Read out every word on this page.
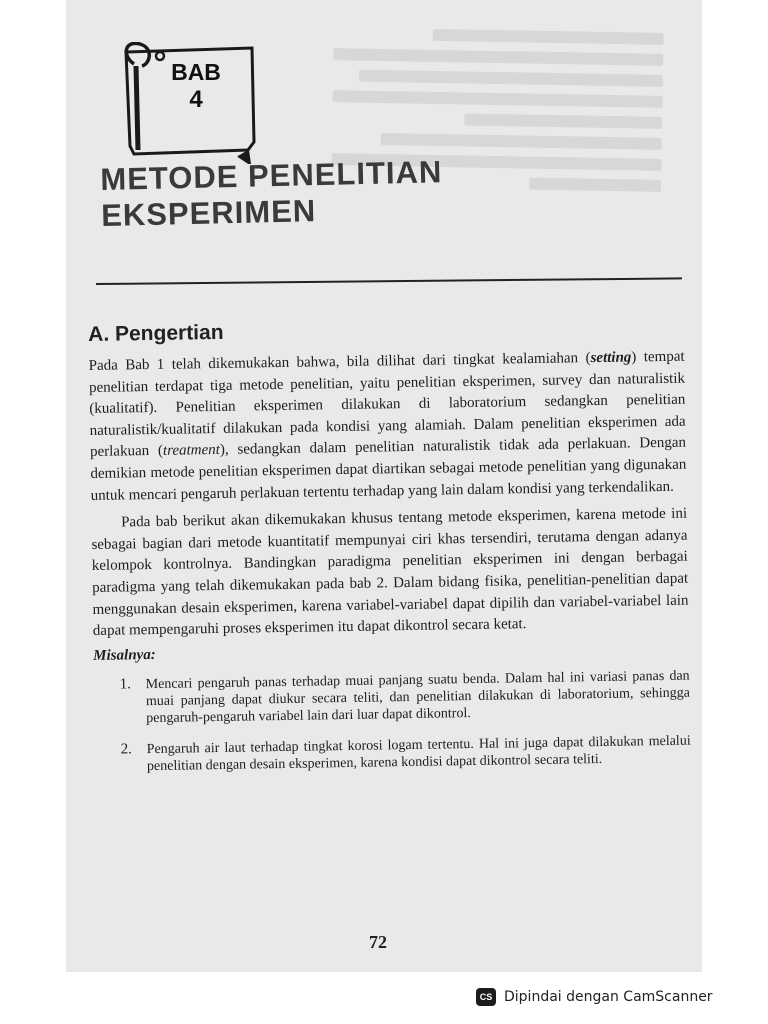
BAB
4
METODE PENELITIAN
EKSPERIMEN
A. Pengertian

Pada Bab 1 telah dikemukakan bahwa, bila dilihat dari tingkat kealamiahan (setting) tempat penelitian terdapat tiga metode penelitian, yaitu penelitian eksperimen, survey dan naturalistik (kualitatif). Penelitian eksperimen dilakukan di laboratorium sedangkan penelitian naturalistik/kualitatif dilakukan pada kondisi yang alamiah. Dalam penelitian eksperimen ada perlakuan (treatment), sedangkan dalam penelitian naturalistik tidak ada perlakuan. Dengan demikian metode penelitian eksperimen dapat diartikan sebagai metode penelitian yang digunakan untuk mencari pengaruh perlakuan tertentu terhadap yang lain dalam kondisi yang terkendalikan.

Pada bab berikut akan dikemukakan khusus tentang metode eksperimen, karena metode ini sebagai bagian dari metode kuantitatif mempunyai ciri khas tersendiri, terutama dengan adanya kelompok kontrolnya. Bandingkan paradigma penelitian eksperimen ini dengan berbagai paradigma yang telah dikemukakan pada bab 2. Dalam bidang fisika, penelitian-penelitian dapat menggunakan desain eksperimen, karena variabel-variabel dapat dipilih dan variabel-variabel lain dapat mempengaruhi proses eksperimen itu dapat dikontrol secara ketat.

Misalnya:
1. Mencari pengaruh panas terhadap muai panjang suatu benda. Dalam hal ini variasi panas dan muai panjang dapat diukur secara teliti, dan penelitian dilakukan di laboratorium, sehingga pengaruh-pengaruh variabel lain dari luar dapat dikontrol.
2. Pengaruh air laut terhadap tingkat korosi logam tertentu. Hal ini juga dapat dilakukan melalui penelitian dengan desain eksperimen, karena kondisi dapat dikontrol secara teliti.
72
CS Dipindai dengan CamScanner
